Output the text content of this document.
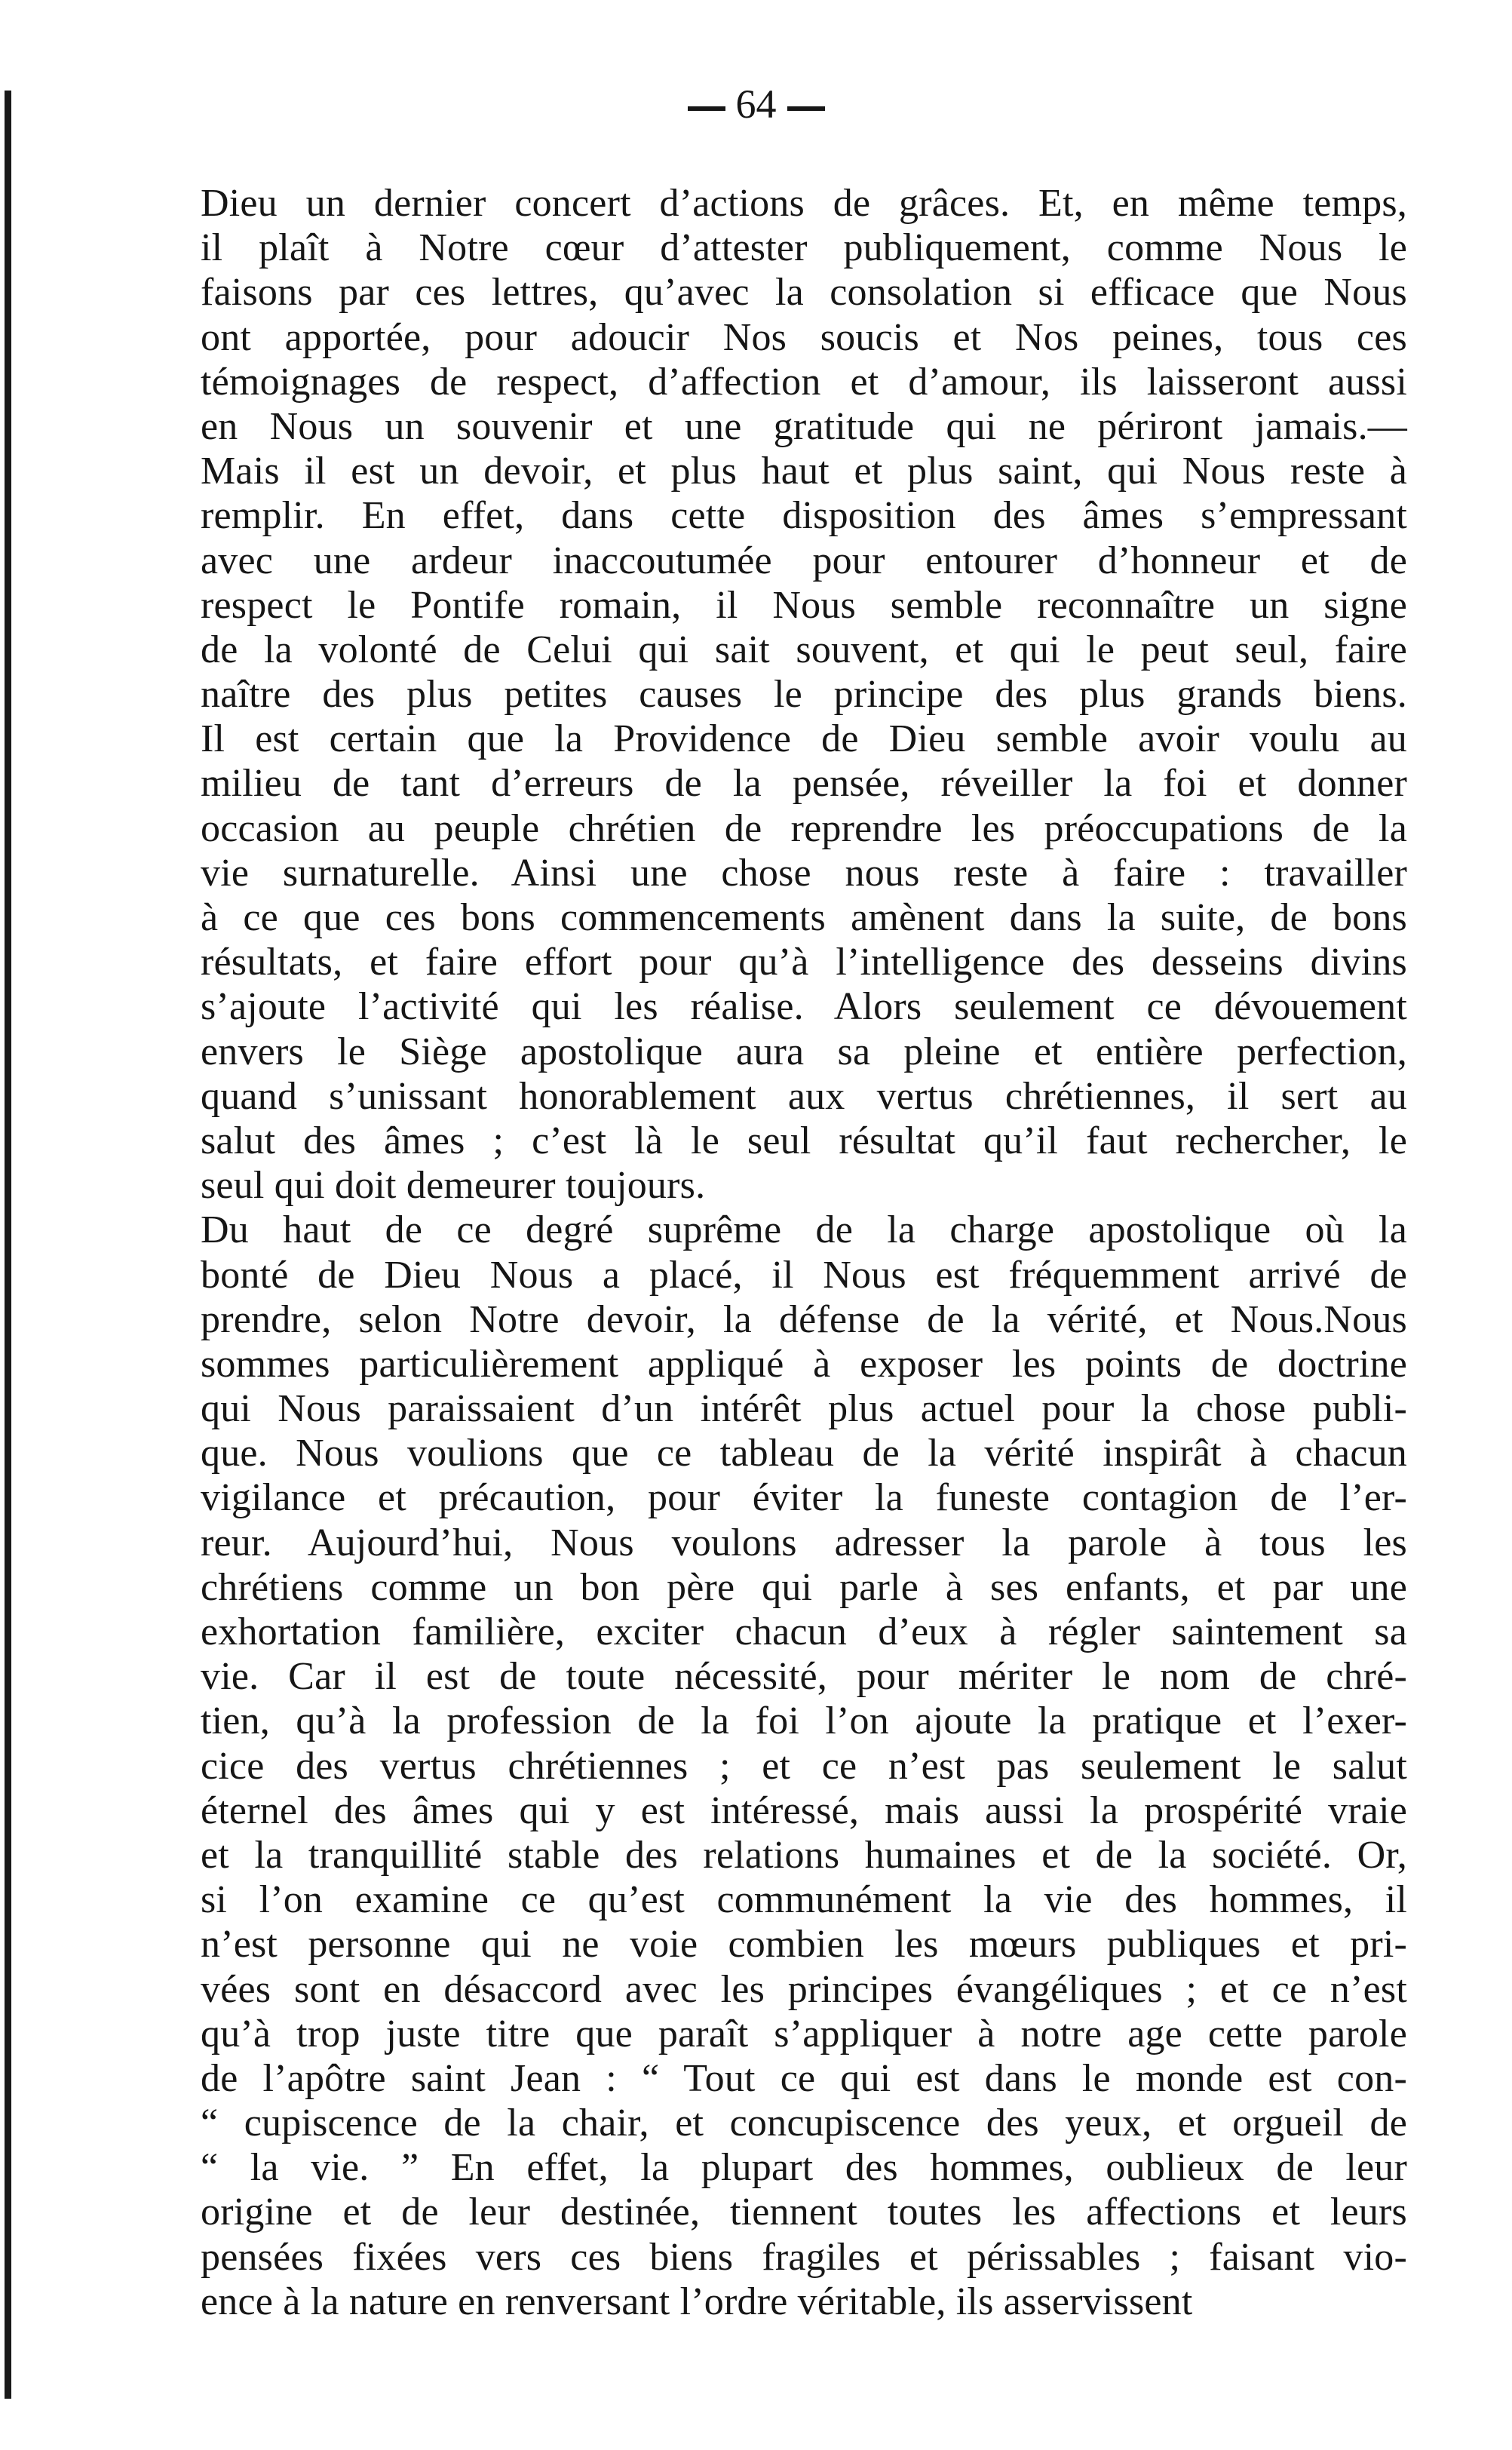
64
Dieu un dernier concert d’actions de grâces. Et, en même temps,
il plaît à Notre cœur d’attester publiquement, comme Nous le
faisons par ces lettres, qu’avec la consolation si efficace que Nous
ont apportée, pour adoucir Nos soucis et Nos peines, tous ces
témoignages de respect, d’affection et d’amour, ils laisseront aussi
en Nous un souvenir et une gratitude qui ne périront jamais.—
Mais il est un devoir, et plus haut et plus saint, qui Nous reste à
remplir. En effet, dans cette disposition des âmes s’empressant
avec une ardeur inaccoutumée pour entourer d’honneur et de
respect le Pontife romain, il Nous semble reconnaître un signe
de la volonté de Celui qui sait souvent, et qui le peut seul, faire
naître des plus petites causes le principe des plus grands biens.
Il est certain que la Providence de Dieu semble avoir voulu au
milieu de tant d’erreurs de la pensée, réveiller la foi et donner
occasion au peuple chrétien de reprendre les préoccupations de la
vie surnaturelle. Ainsi une chose nous reste à faire : travailler
à ce que ces bons commencements amènent dans la suite, de bons
résultats, et faire effort pour qu’à l’intelligence des desseins divins
s’ajoute l’activité qui les réalise. Alors seulement ce dévouement
envers le Siège apostolique aura sa pleine et entière perfection,
quand s’unissant honorablement aux vertus chrétiennes, il sert au
salut des âmes ; c’est là le seul résultat qu’il faut rechercher, le
seul qui doit demeurer toujours.
Du haut de ce degré suprême de la charge apostolique où la
bonté de Dieu Nous a placé, il Nous est fréquemment arrivé de
prendre, selon Notre devoir, la défense de la vérité, et Nous.Nous
sommes particulièrement appliqué à exposer les points de doctrine
qui Nous paraissaient d’un intérêt plus actuel pour la chose publi-
que. Nous voulions que ce tableau de la vérité inspirât à chacun
vigilance et précaution, pour éviter la funeste contagion de l’er-
reur. Aujourd’hui, Nous voulons adresser la parole à tous les
chrétiens comme un bon père qui parle à ses enfants, et par une
exhortation familière, exciter chacun d’eux à régler saintement sa
vie. Car il est de toute nécessité, pour mériter le nom de chré-
tien, qu’à la profession de la foi l’on ajoute la pratique et l’exer-
cice des vertus chrétiennes ; et ce n’est pas seulement le salut
éternel des âmes qui y est intéressé, mais aussi la prospérité vraie
et la tranquillité stable des relations humaines et de la société. Or,
si l’on examine ce qu’est communément la vie des hommes, il
n’est personne qui ne voie combien les mœurs publiques et pri-
vées sont en désaccord avec les principes évangéliques ; et ce n’est
qu’à trop juste titre que paraît s’appliquer à notre age cette parole
de l’apôtre saint Jean : “ Tout ce qui est dans le monde est con-
“ cupiscence de la chair, et concupiscence des yeux, et orgueil de
“ la vie. ” En effet, la plupart des hommes, oublieux de leur
origine et de leur destinée, tiennent toutes les affections et leurs
pensées fixées vers ces biens fragiles et périssables ; faisant vio-
ence à la nature en renversant l’ordre véritable, ils asservissent
